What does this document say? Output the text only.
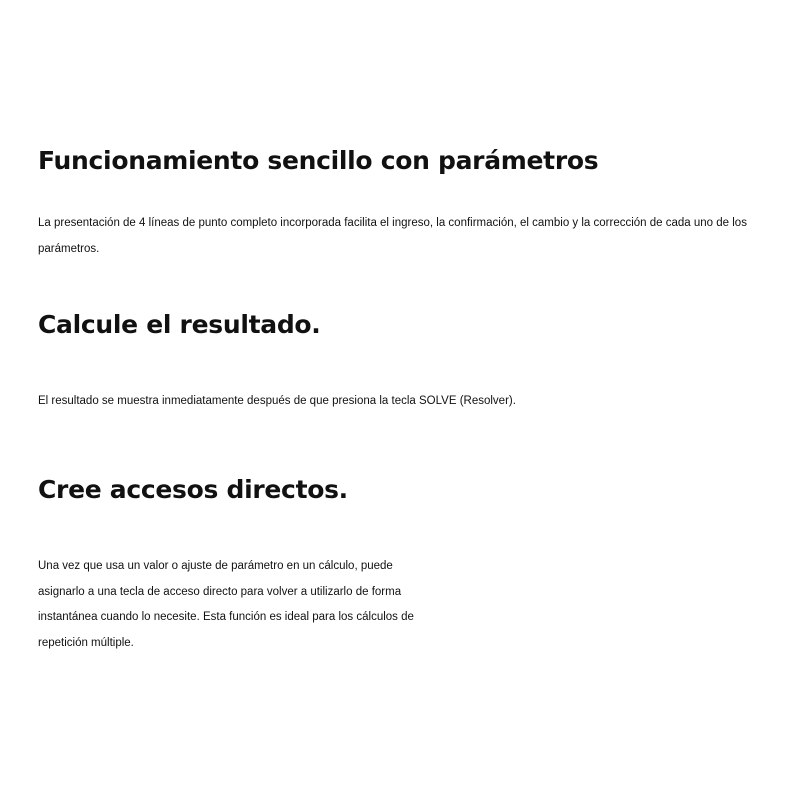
Funcionamiento sencillo con parámetros

La presentación de 4 líneas de punto completo incorporada facilita el ingreso, la confirmación, el cambio y la corrección de cada uno de los parámetros.

Calcule el resultado.

El resultado se muestra inmediatamente después de que presiona la tecla SOLVE (Resolver).

Cree accesos directos.

Una vez que usa un valor o ajuste de parámetro en un cálculo, puede asignarlo a una tecla de acceso directo para volver a utilizarlo de forma instantánea cuando lo necesite. Esta función es ideal para los cálculos de repetición múltiple.
